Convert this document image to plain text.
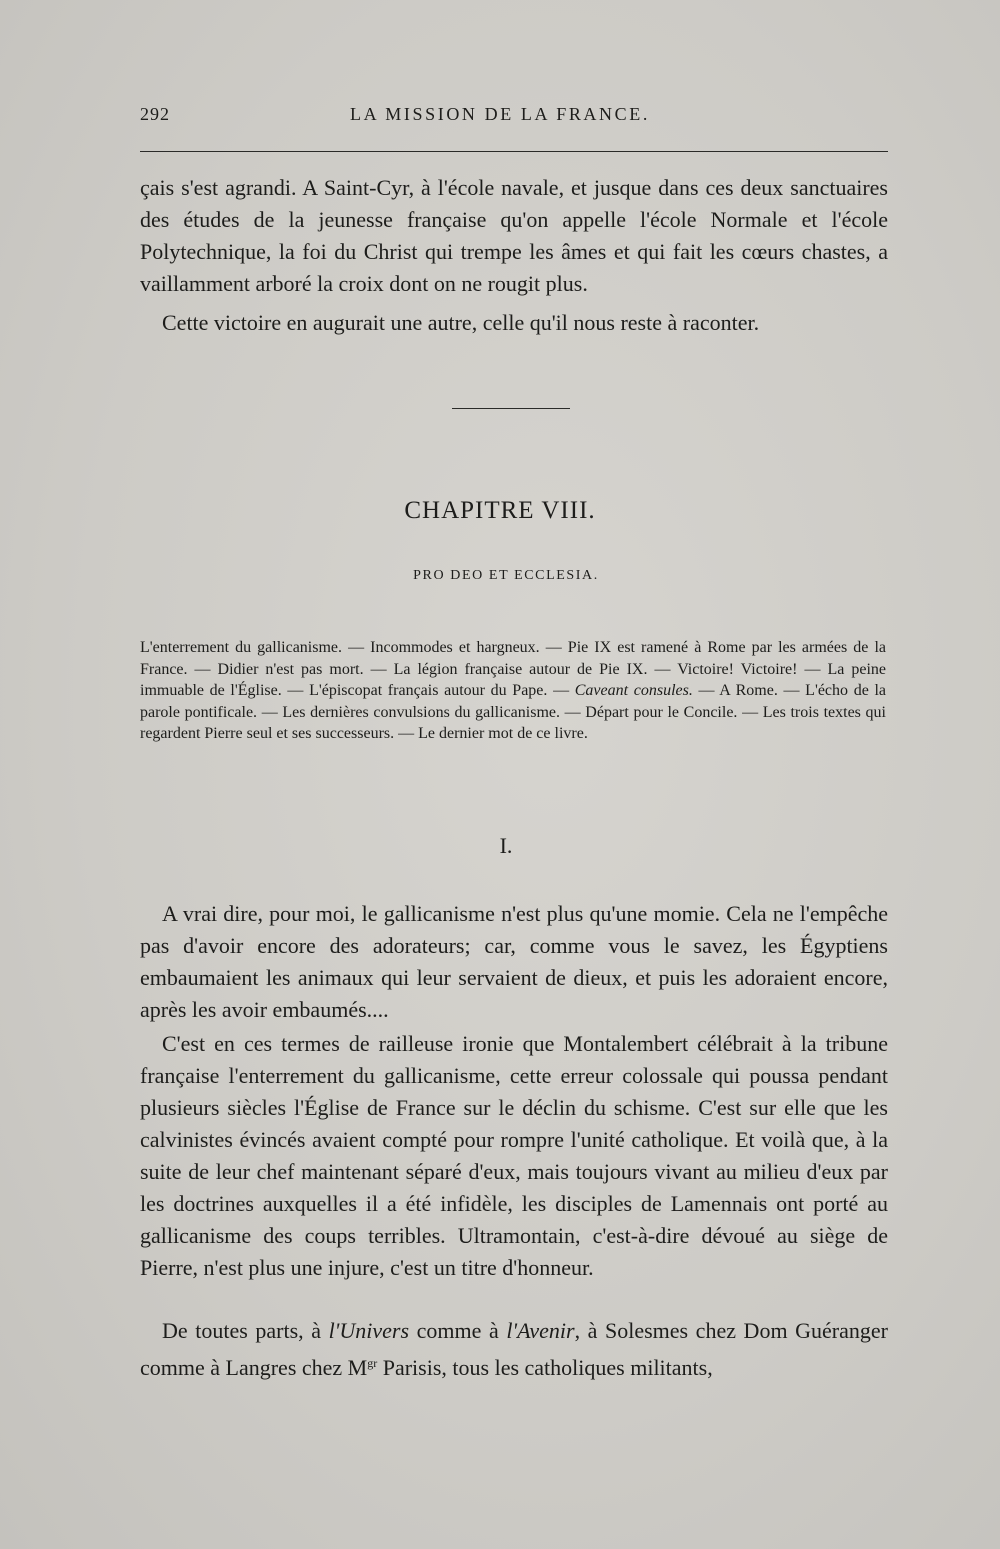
292	LA MISSION DE LA FRANCE.

çais s'est agrandi. A Saint-Cyr, à l'école navale, et jusque dans ces deux sanctuaires des études de la jeunesse française qu'on appelle l'école Normale et l'école Polytechnique, la foi du Christ qui trempe les âmes et qui fait les cœurs chastes, a vaillamment arboré la croix dont on ne rougit plus.

Cette victoire en augurait une autre, celle qu'il nous reste à raconter.

CHAPITRE VIII.
PRO DEO ET ECCLESIA.

L'enterrement du gallicanisme. — Incommodes et hargneux. — Pie IX est ramené à Rome par les armées de la France. — Didier n'est pas mort. — La légion française autour de Pie IX. — Victoire! Victoire! — La peine immuable de l'Église. — L'épiscopat français autour du Pape. — Caveant consules. — A Rome. — L'écho de la parole pontificale. — Les dernières convulsions du gallicanisme. — Départ pour le Concile. — Les trois textes qui regardent Pierre seul et ses successeurs. — Le dernier mot de ce livre.

I.

A vrai dire, pour moi, le gallicanisme n'est plus qu'une momie. Cela ne l'empêche pas d'avoir encore des adorateurs; car, comme vous le savez, les Égyptiens embaumaient les animaux qui leur servaient de dieux, et puis les adoraient encore, après les avoir embaumés....

C'est en ces termes de railleuse ironie que Montalembert célébrait à la tribune française l'enterrement du gallicanisme, cette erreur colossale qui poussa pendant plusieurs siècles l'Église de France sur le déclin du schisme. C'est sur elle que les calvinistes évincés avaient compté pour rompre l'unité catholique. Et voilà que, à la suite de leur chef maintenant séparé d'eux, mais toujours vivant au milieu d'eux par les doctrines auxquelles il a été infidèle, les disciples de Lamennais ont porté au gallicanisme des coups terribles. Ultramontain, c'est-à-dire dévoué au siège de Pierre, n'est plus une injure, c'est un titre d'honneur.

De toutes parts, à l'Univers comme à l'Avenir, à Solesmes chez Dom Guéranger comme à Langres chez $M^{gr}$ Parisis, tous les catholiques militants,
